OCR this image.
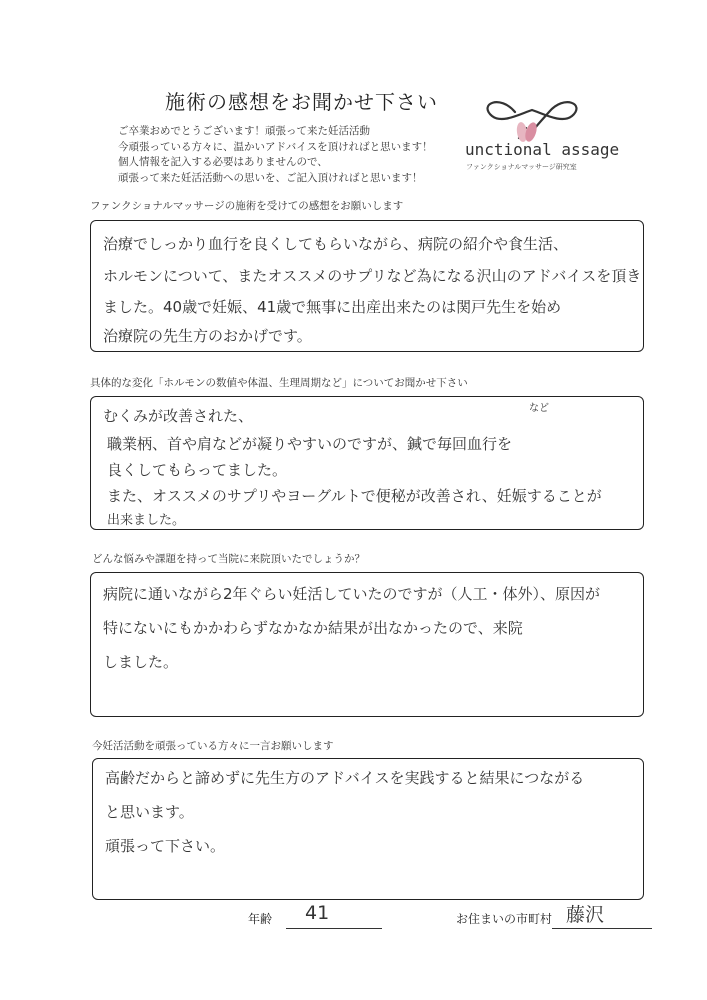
施術の感想をお聞かせ下さい
ご卒業おめでとうございます！頑張って来た妊活活動
今頑張っている方々に、温かいアドバイスを頂ければと思います！
個人情報を記入する必要はありませんので、
頑張って来た妊活活動への思いを、ご記入頂ければと思います！
unctional assage
ファンクショナルマッサージ研究室
ファンクショナルマッサージの施術を受けての感想をお願いします
治療でしっかり血行を良くしてもらいながら、病院の紹介や食生活、
ホルモンについて、またオススメのサプリなど為になる沢山のアドバイスを頂き
ました。40歳で妊娠、41歳で無事に出産出来たのは関戸先生を始め
治療院の先生方のおかげです。
具体的な変化「ホルモンの数値や体温、生理周期など」についてお聞かせ下さい
むくみが改善された、	など
職業柄、首や肩などが凝りやすいのですが、鍼で毎回血行を
良くしてもらってました。
また、オススメのサプリやヨーグルトで便秘が改善され、妊娠することが
出来ました。
どんな悩みや課題を持って当院に来院頂いたでしょうか？
病院に通いながら2年ぐらい妊活していたのですが（人工・体外）、原因が
特にないにもかかわらずなかなか結果が出なかったので、来院
しました。
今妊活活動を頑張っている方々に一言お願いします
高齢だからと諦めずに先生方のアドバイスを実践すると結果につながる
と思います。
頑張って下さい。
年齢 41	お住まいの市町村 藤沢
